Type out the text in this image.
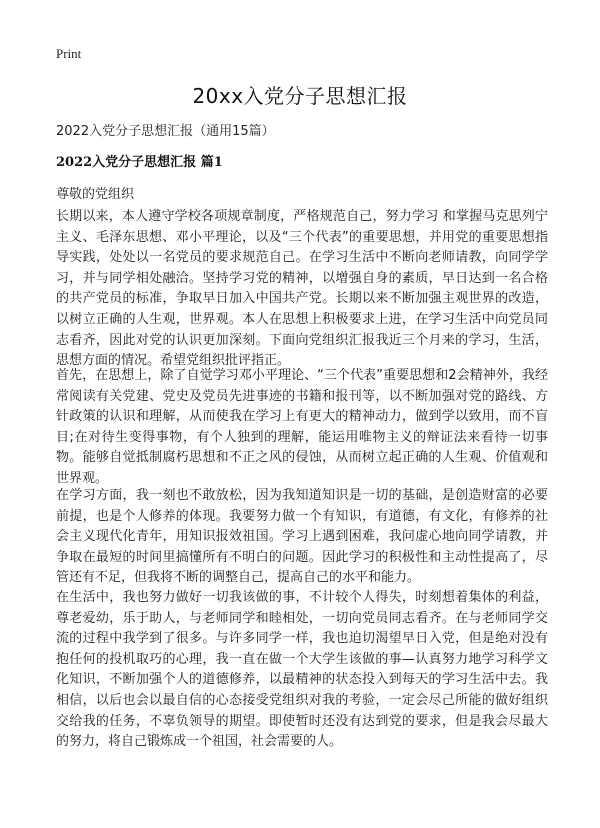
Print
20xx入党分子思想汇报
2022入党分子思想汇报（通用15篇）
2022入党分子思想汇报 篇1
尊敬的党组织

长期以来，本人遵守学校各项规章制度，严格规范自己，努力学习 和掌握马克思列宁主义、毛泽东思想、邓小平理论，以及“三个代表”的重要思想，并用党的重要思想指导实践，处处以一名党员的要求规范自己。在学习生活中不断向老师请教，向同学学习，并与同学相处融洽。坚持学习党的精神，以增强自身的素质，早日达到一名合格的共产党员的标准，争取早日加入中国共产党。长期以来不断加强主观世界的改造，以树立正确的人生观，世界观。本人在思想上积极要求上进，在学习生活中向党员同志看齐，因此对党的认识更加深刻。下面向党组织汇报我近三个月来的学习，生活，思想方面的情况。希望党组织批评指正。

首先，在思想上，除了自觉学习邓小平理论、“三个代表”重要思想和2会精神外，我经常阅读有关党建、党史及党员先进事迹的书籍和报刊等，以不断加强对党的路线、方针政策的认识和理解，从而使我在学习上有更大的精神动力，做到学以致用，而不盲目;在对待生变得事物，有个人独到的理解，能运用唯物主义的辩证法来看待一切事物。能够自觉抵制腐朽思想和不正之风的侵蚀，从而树立起正确的人生观、价值观和世界观。

在学习方面，我一刻也不敢放松，因为我知道知识是一切的基础，是创造财富的必要前提，也是个人修养的体现。我要努力做一个有知识，有道德，有文化，有修养的社会主义现代化青年，用知识报效祖国。学习上遇到困难，我问虚心地向同学请教，并争取在最短的时间里搞懂所有不明白的问题。因此学习的积极性和主动性提高了，尽管还有不足，但我将不断的调整自己，提高自己的水平和能力。

在生活中，我也努力做好一切我该做的事，不计较个人得失，时刻想着集体的利益，尊老爱幼，乐于助人，与老师同学和睦相处，一切向党员同志看齐。在与老师同学交流的过程中我学到了很多。与许多同学一样，我也迫切渴望早日入党，但是绝对没有抱任何的投机取巧的心理，我一直在做一个大学生该做的事—认真努力地学习科学文化知识，不断加强个人的道德修养，以最精神的状态投入到每天的学习生活中去。我相信，以后也会以最自信的心态接受党组织对我的考验，一定会尽己所能的做好组织交给我的任务，不辜负领导的期望。即使暂时还没有达到党的要求，但是我会尽最大的努力，将自己锻炼成一个祖国，社会需要的人。
